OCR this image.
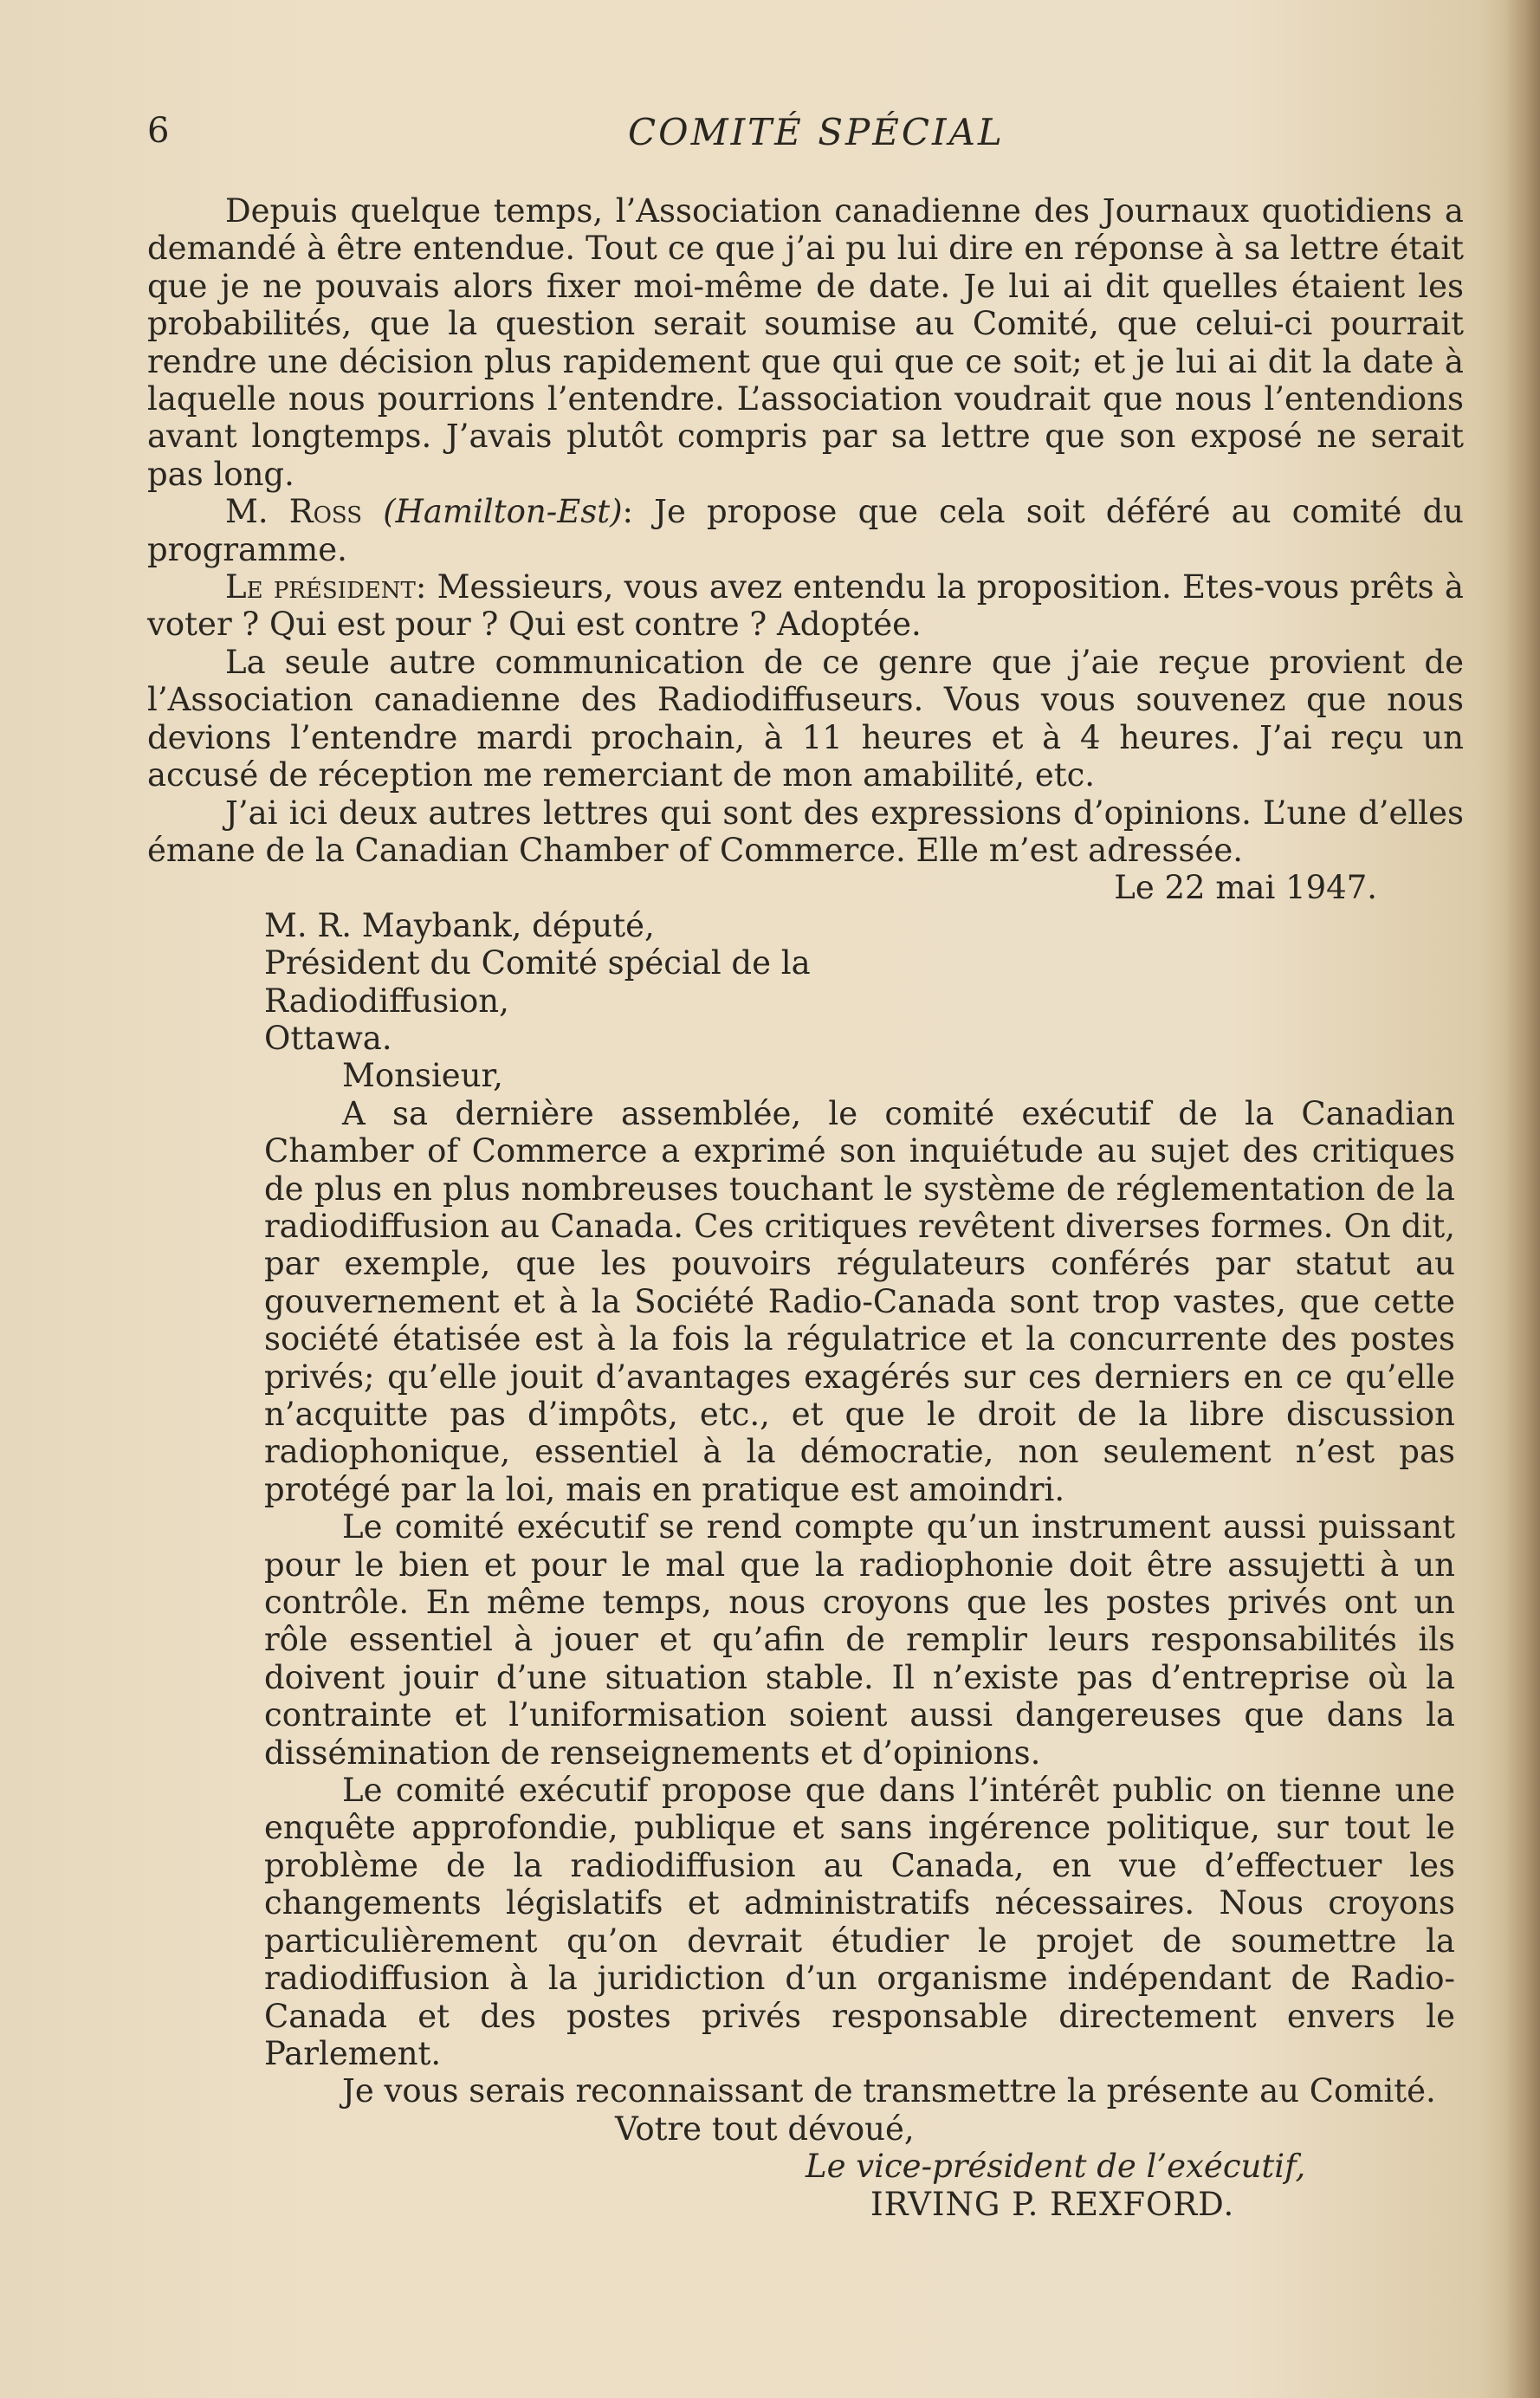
6	COMITÉ SPÉCIAL

Depuis quelque temps, l’Association canadienne des Journaux quotidiens a demandé à être entendue. Tout ce que j’ai pu lui dire en réponse à sa lettre était que je ne pouvais alors fixer moi-même de date. Je lui ai dit quelles étaient les probabilités, que la question serait soumise au Comité, que celui-ci pourrait rendre une décision plus rapidement que qui que ce soit; et je lui ai dit la date à laquelle nous pourrions l’entendre. L’association voudrait que nous l’entendions avant longtemps. J’avais plutôt compris par sa lettre que son exposé ne serait pas long.

M. Ross (Hamilton-Est): Je propose que cela soit déféré au comité du programme.

Le président: Messieurs, vous avez entendu la proposition. Etes-vous prêts à voter ? Qui est pour ? Qui est contre ? Adoptée.

La seule autre communication de ce genre que j’aie reçue provient de l’Association canadienne des Radiodiffuseurs. Vous vous souvenez que nous devions l’entendre mardi prochain, à 11 heures et à 4 heures. J’ai reçu un accusé de réception me remerciant de mon amabilité, etc.

J’ai ici deux autres lettres qui sont des expressions d’opinions. L’une d’elles émane de la Canadian Chamber of Commerce. Elle m’est adressée.

Le 22 mai 1947.

M. R. Maybank, député,

Président du Comité spécial de la

Radiodiffusion,

Ottawa.

Monsieur,

A sa dernière assemblée, le comité exécutif de la Canadian Chamber of Commerce a exprimé son inquiétude au sujet des critiques de plus en plus nombreuses touchant le système de réglementation de la radiodiffusion au Canada. Ces critiques revêtent diverses formes. On dit, par exemple, que les pouvoirs régulateurs conférés par statut au gouvernement et à la Société Radio-Canada sont trop vastes, que cette société étatisée est à la fois la régulatrice et la concurrente des postes privés; qu’elle jouit d’avantages exagérés sur ces derniers en ce qu’elle n’acquitte pas d’impôts, etc., et que le droit de la libre discussion radiophonique, essentiel à la démocratie, non seulement n’est pas protégé par la loi, mais en pratique est amoindri.

Le comité exécutif se rend compte qu’un instrument aussi puissant pour le bien et pour le mal que la radiophonie doit être assujetti à un contrôle. En même temps, nous croyons que les postes privés ont un rôle essentiel à jouer et qu’afin de remplir leurs responsabilités ils doivent jouir d’une situation stable. Il n’existe pas d’entreprise où la contrainte et l’uniformisation soient aussi dangereuses que dans la dissémination de renseignements et d’opinions.

Le comité exécutif propose que dans l’intérêt public on tienne une enquête approfondie, publique et sans ingérence politique, sur tout le problème de la radiodiffusion au Canada, en vue d’effectuer les changements législatifs et administratifs nécessaires. Nous croyons particulièrement qu’on devrait étudier le projet de soumettre la radiodiffusion à la juridiction d’un organisme indépendant de Radio-Canada et des postes privés responsable directement envers le Parlement.

Je vous serais reconnaissant de transmettre la présente au Comité.

Votre tout dévoué,

Le vice-président de l’exécutif,

IRVING P. REXFORD.
